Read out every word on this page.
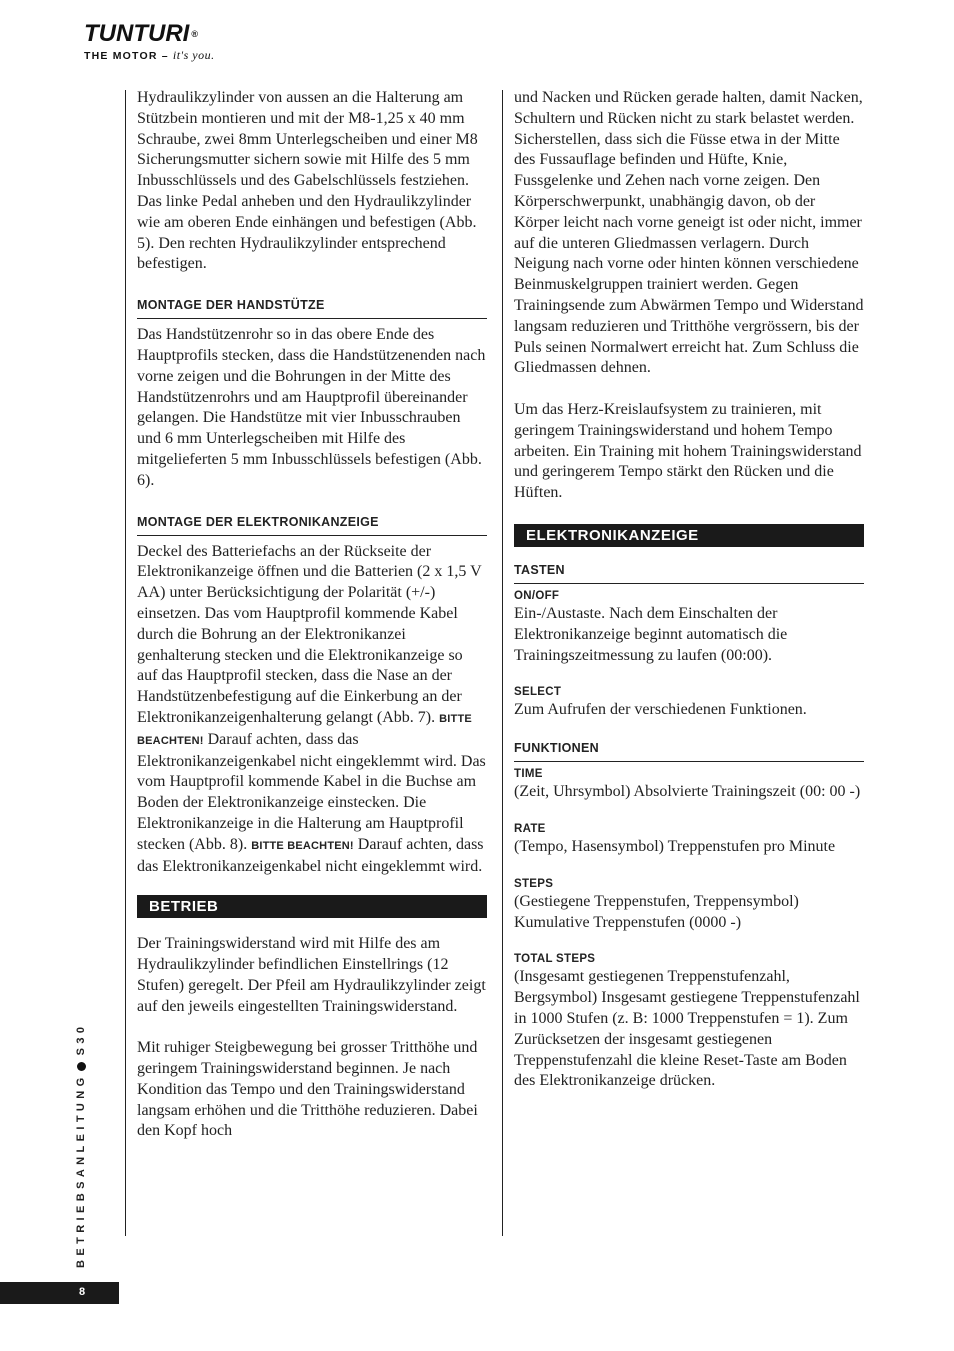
TUNTURI ®
THE MOTOR – it's you.

Hydraulikzylinder von aussen an die Halterung am Stützbein montieren und mit der M8-1,25 x 40 mm Schraube, zwei 8mm Unterlegscheiben und einer M8 Sicherungsmutter sichern sowie mit Hilfe des 5 mm Inbusschlüssels und des Gabelschlüssels festziehen. Das linke Pedal anheben und den Hydraulikzylinder wie am oberen Ende einhängen und befestigen (Abb. 5). Den rechten Hydraulikzylinder entsprechend befestigen.

MONTAGE DER HANDSTÜTZE

Das Handstützenrohr so in das obere Ende des Hauptprofils stecken, dass die Handstützenenden nach vorne zeigen und die Bohrungen in der Mitte des Handstützenrohrs und am Hauptprofil übereinander gelangen. Die Handstütze mit vier Inbusschrauben und 6 mm Unterlegscheiben mit Hilfe des mitgelieferten 5 mm Inbusschlüssels befestigen (Abb. 6).

MONTAGE DER ELEKTRONIKANZEIGE

Deckel des Batteriefachs an der Rückseite der Elektronikanzeige öffnen und die Batterien (2 x 1,5 V AA) unter Berücksichtigung der Polarität (+/-) einsetzen. Das vom Hauptprofil kommende Kabel durch die Bohrung an der Elektronikanzei genhalterung stecken und die Elektronikanzeige so auf das Hauptprofil stecken, dass die Nase an der Handstützenbefestigung auf die Einkerbung an der Elektronikanzeigenhalterung gelangt (Abb. 7). BITTE BEACHTEN! Darauf achten, dass das Elektronikanzeigenkabel nicht eingeklemmt wird. Das vom Hauptprofil kommende Kabel in die Buchse am Boden der Elektronikanzeige einstecken. Die Elektronikanzeige in die Halterung am Hauptprofil stecken (Abb. 8). BITTE BEACHTEN! Darauf achten, dass das Elektronikanzeigenkabel nicht eingeklemmt wird.

BETRIEB

Der Trainingswiderstand wird mit Hilfe des am Hydraulikzylinder befindlichen Einstellrings (12 Stufen) geregelt. Der Pfeil am Hydraulikzylinder zeigt auf den jeweils eingestellten Trainingswiderstand.

Mit ruhiger Steigbewegung bei grosser Tritthöhe und geringem Trainingswiderstand beginnen. Je nach Kondition das Tempo und den Trainingswiderstand langsam erhöhen und die Tritthöhe reduzieren. Dabei den Kopf hoch

und Nacken und Rücken gerade halten, damit Nacken, Schultern und Rücken nicht zu stark belastet werden. Sicherstellen, dass sich die Füsse etwa in der Mitte des Fussauflage befinden und Hüfte, Knie, Fussgelenke und Zehen nach vorne zeigen. Den Körperschwerpunkt, unabhängig davon, ob der Körper leicht nach vorne geneigt ist oder nicht, immer auf die unteren Gliedmassen verlagern. Durch Neigung nach vorne oder hinten können verschiedene Beinmuskelgruppen trainiert werden. Gegen Trainingsende zum Abwärmen Tempo und Widerstand langsam reduzieren und Tritthöhe vergrössern, bis der Puls seinen Normalwert erreicht hat. Zum Schluss die Gliedmassen dehnen.

Um das Herz-Kreislaufsystem zu trainieren, mit geringem Trainingswiderstand und hohem Tempo arbeiten. Ein Training mit hohem Trainingswiderstand und geringerem Tempo stärkt den Rücken und die Hüften.

ELEKTRONIKANZEIGE
TASTEN
ON/OFF

Ein-/Austaste. Nach dem Einschalten der Elektronikanzeige beginnt automatisch die Trainingszeitmessung zu laufen (00:00).

SELECT

Zum Aufrufen der verschiedenen Funktionen.

FUNKTIONEN
TIME

(Zeit, Uhrsymbol) Absolvierte Trainingszeit (00: 00 -)

RATE

(Tempo, Hasensymbol) Treppenstufen pro Minute

STEPS

(Gestiegene Treppenstufen, Treppensymbol) Kumulative Treppenstufen (0000 -)

TOTAL STEPS

(Insgesamt gestiegenen Treppenstufenzahl, Bergsymbol) Insgesamt gestiegene Treppenstufenzahl in 1000 Stufen (z. B: 1000 Treppenstufen = 1). Zum Zurücksetzen der insgesamt gestiegenen Treppenstufenzahl die kleine Reset-Taste am Boden des Elektronikanzeige drücken.

BETRIEBSANLEITUNGS30
8
